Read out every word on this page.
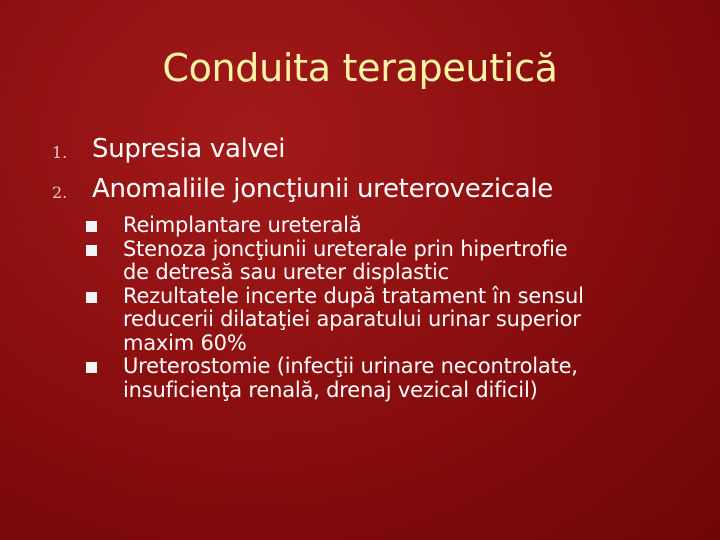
Conduita terapeutică
1. Supresia valvei
2. Anomaliile joncţiunii ureterovezicale
Reimplantare ureterală
Stenoza joncţiunii ureterale prin hipertrofie
de detresă sau ureter displastic
Rezultatele incerte după tratament în sensul
reducerii dilataţiei aparatului urinar superior
maxim 60%
Ureterostomie (infecţii urinare necontrolate,
insuficienţa renală, drenaj vezical dificil)
